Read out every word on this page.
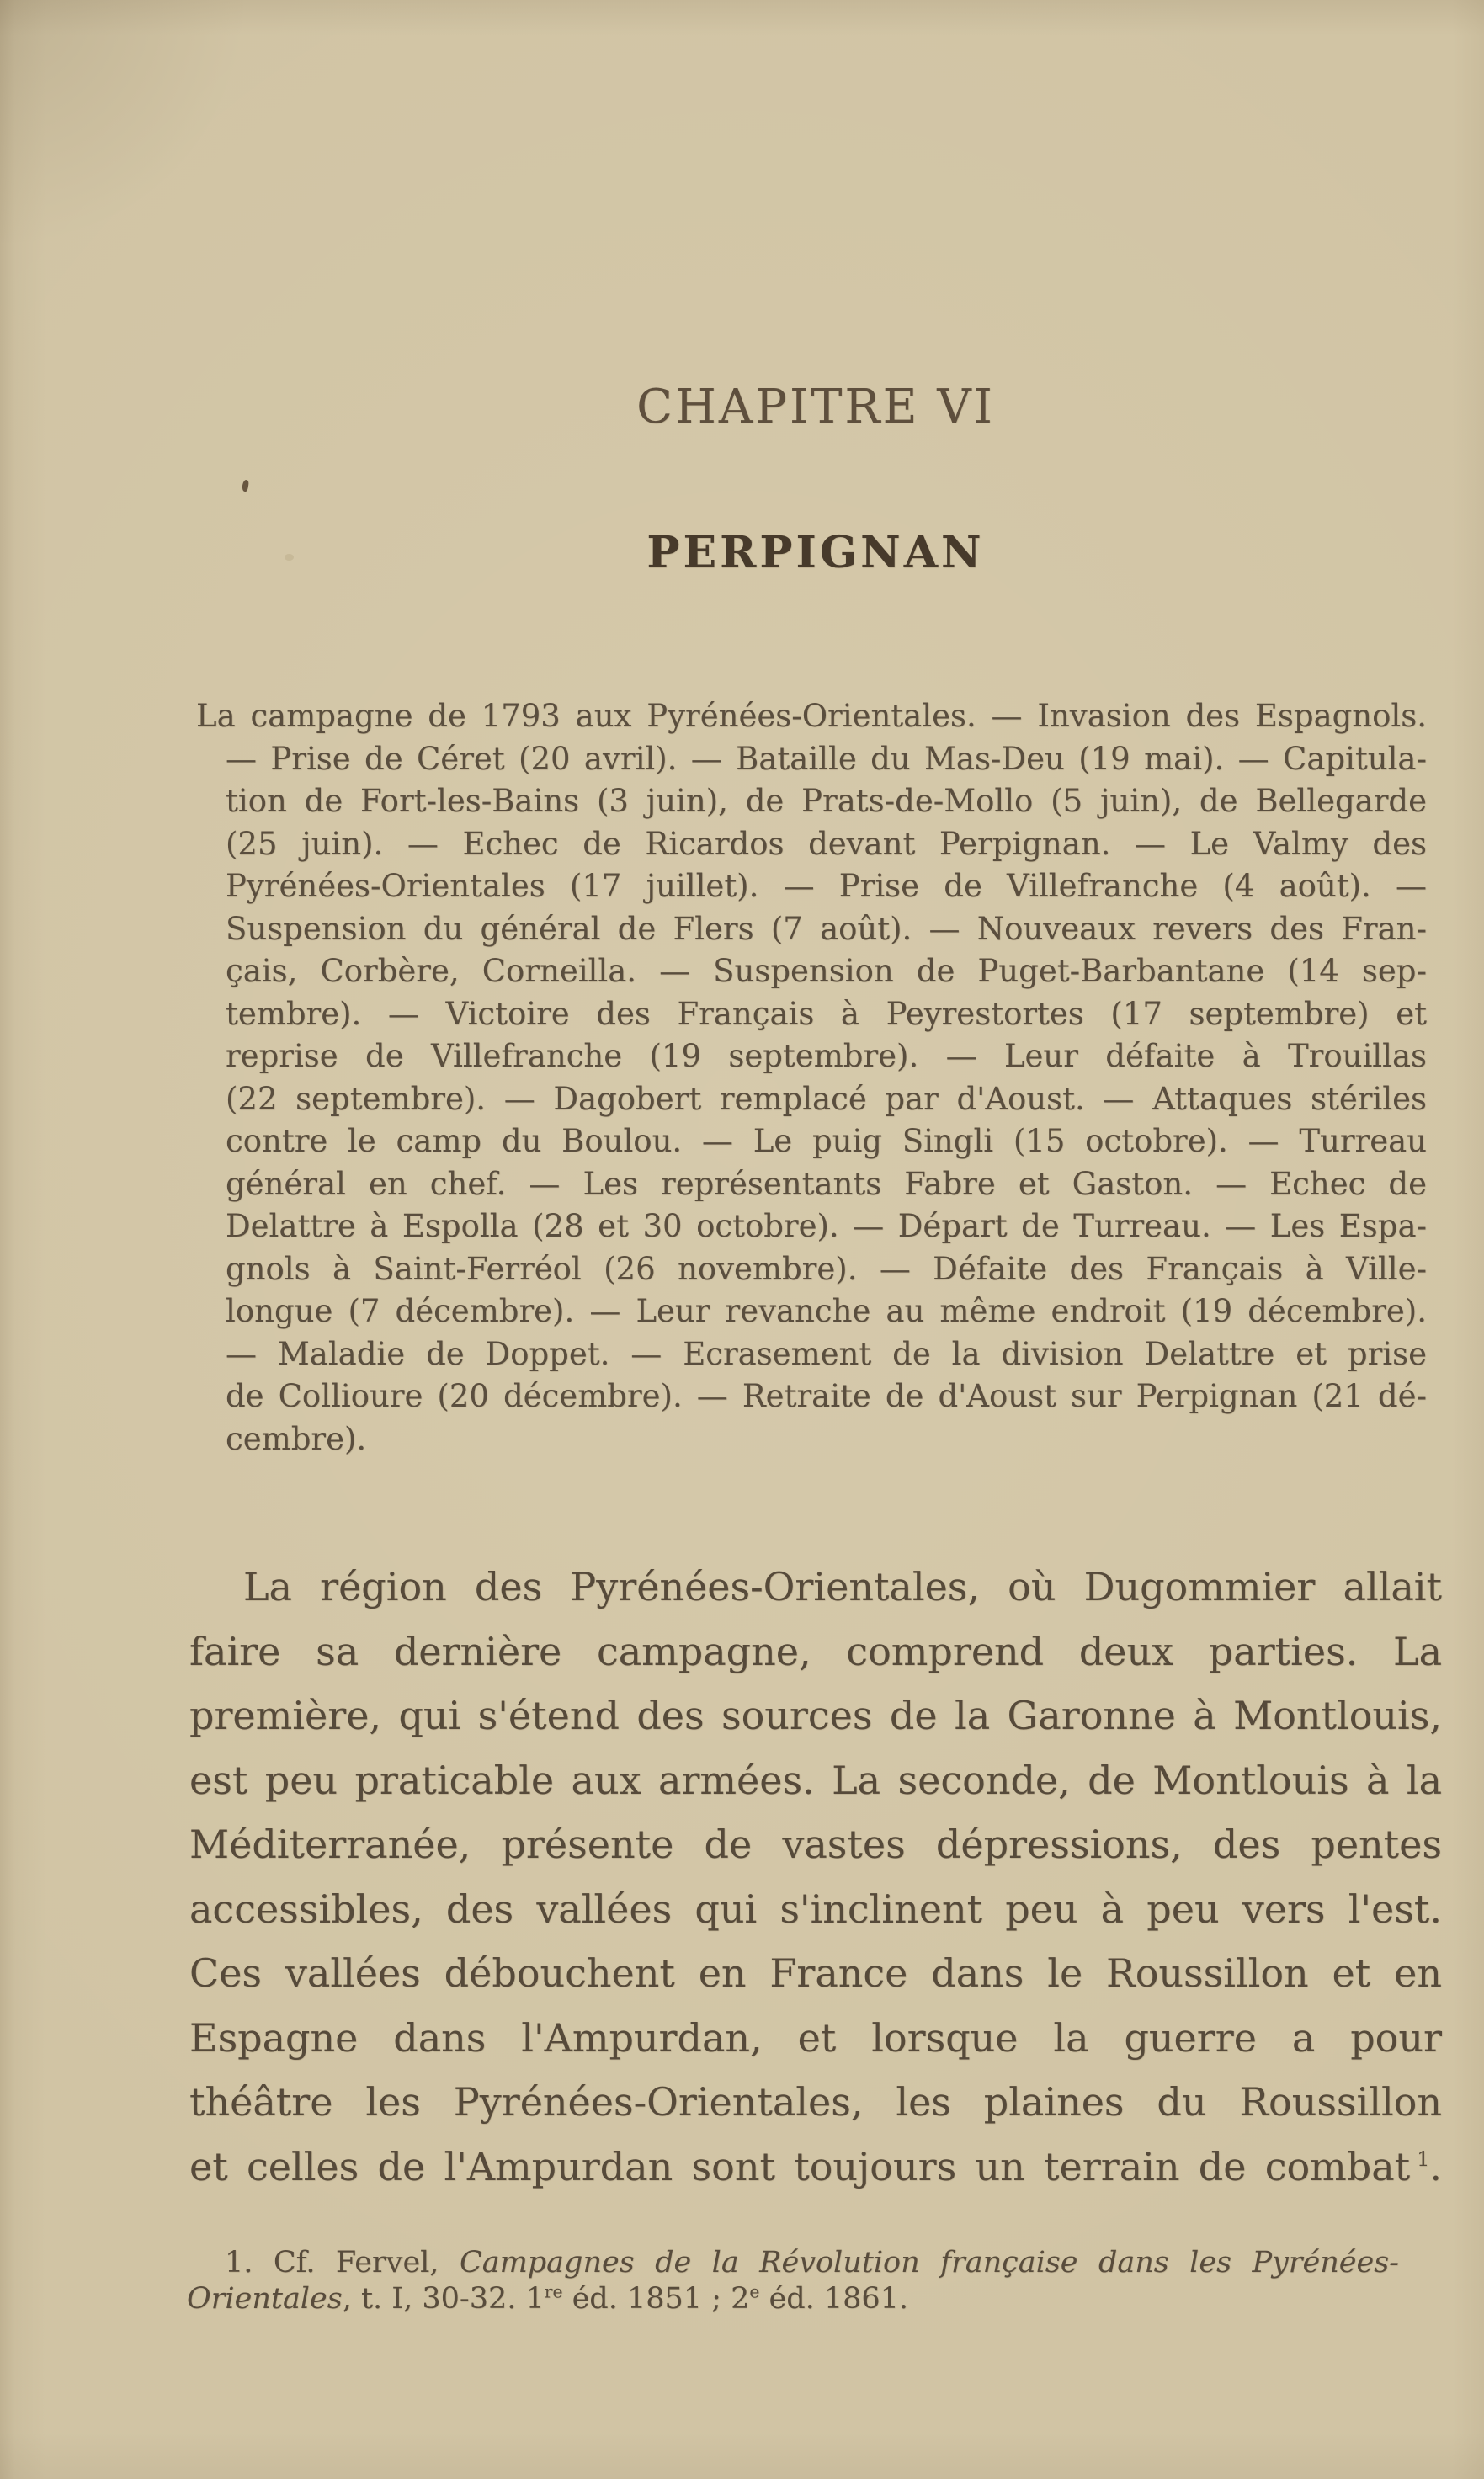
CHAPITRE VI
PERPIGNAN
La campagne de 1793 aux Pyrénées-Orientales. — Invasion des Espagnols.
— Prise de Céret (20 avril). — Bataille du Mas-Deu (19 mai). — Capitula-
tion de Fort-les-Bains (3 juin), de Prats-de-Mollo (5 juin), de Bellegarde
(25 juin). — Echec de Ricardos devant Perpignan. — Le Valmy des
Pyrénées-Orientales (17 juillet). — Prise de Villefranche (4 août). —
Suspension du général de Flers (7 août). — Nouveaux revers des Fran-
çais, Corbère, Corneilla. — Suspension de Puget-Barbantane (14 sep-
tembre). — Victoire des Français à Peyrestortes (17 septembre) et
reprise de Villefranche (19 septembre). — Leur défaite à Trouillas
(22 septembre). — Dagobert remplacé par d'Aoust. — Attaques stériles
contre le camp du Boulou. — Le puig Singli (15 octobre). — Turreau
général en chef. — Les représentants Fabre et Gaston. — Echec de
Delattre à Espolla (28 et 30 octobre). — Départ de Turreau. — Les Espa-
gnols à Saint-Ferréol (26 novembre). — Défaite des Français à Ville-
longue (7 décembre). — Leur revanche au même endroit (19 décembre).
— Maladie de Doppet. — Ecrasement de la division Delattre et prise
de Collioure (20 décembre). — Retraite de d'Aoust sur Perpignan (21 dé-
cembre).
La région des Pyrénées-Orientales, où Dugommier allait
faire sa dernière campagne, comprend deux parties. La
première, qui s'étend des sources de la Garonne à Montlouis,
est peu praticable aux armées. La seconde, de Montlouis à la
Méditerranée, présente de vastes dépressions, des pentes
accessibles, des vallées qui s'inclinent peu à peu vers l'est.
Ces vallées débouchent en France dans le Roussillon et en
Espagne dans l'Ampurdan, et lorsque la guerre a pour
théâtre les Pyrénées-Orientales, les plaines du Roussillon
et celles de l'Ampurdan sont toujours un terrain de combat $^1$.
1. Cf. Fervel, Campagnes de la Révolution française dans les Pyrénées-
Orientales, t. I, 30-32. 1re éd. 1851 ; 2e éd. 1861.
